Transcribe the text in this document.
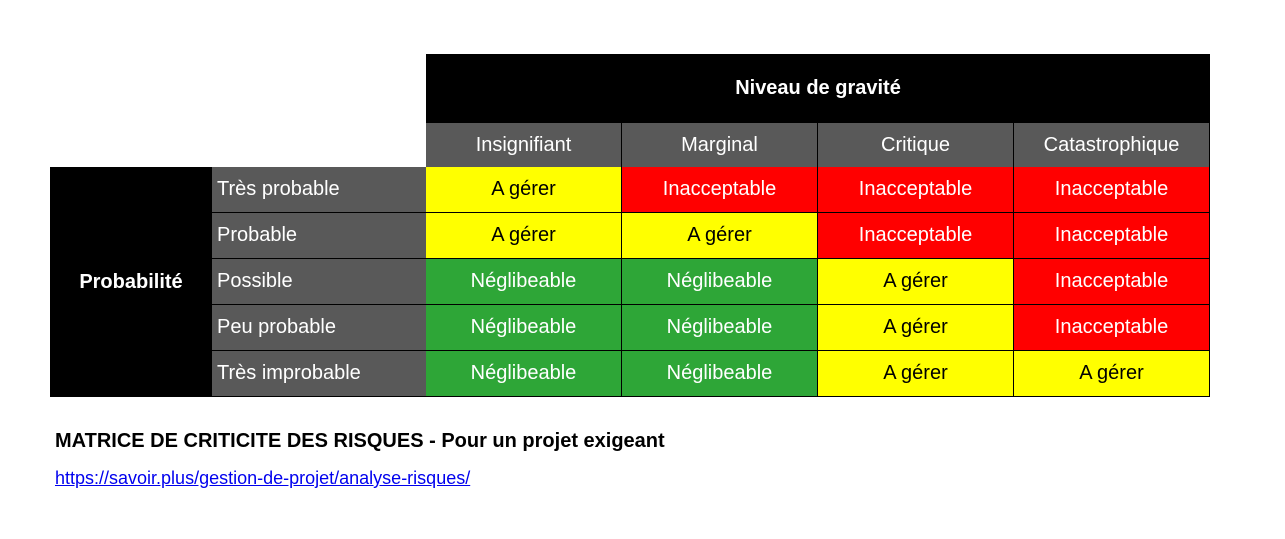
Niveau de gravité
Insignifiant	Marginal	Critique	Catastrophique
Probabilité
Très probable	A gérer	Inacceptable	Inacceptable	Inacceptable
Probable	A gérer	A gérer	Inacceptable	Inacceptable
Possible	Néglibeable	Néglibeable	A gérer	Inacceptable
Peu probable	Néglibeable	Néglibeable	A gérer	Inacceptable
Très improbable	Néglibeable	Néglibeable	A gérer	A gérer
MATRICE DE CRITICITE DES RISQUES - Pour un projet exigeant
https://savoir.plus/gestion-de-projet/analyse-risques/
